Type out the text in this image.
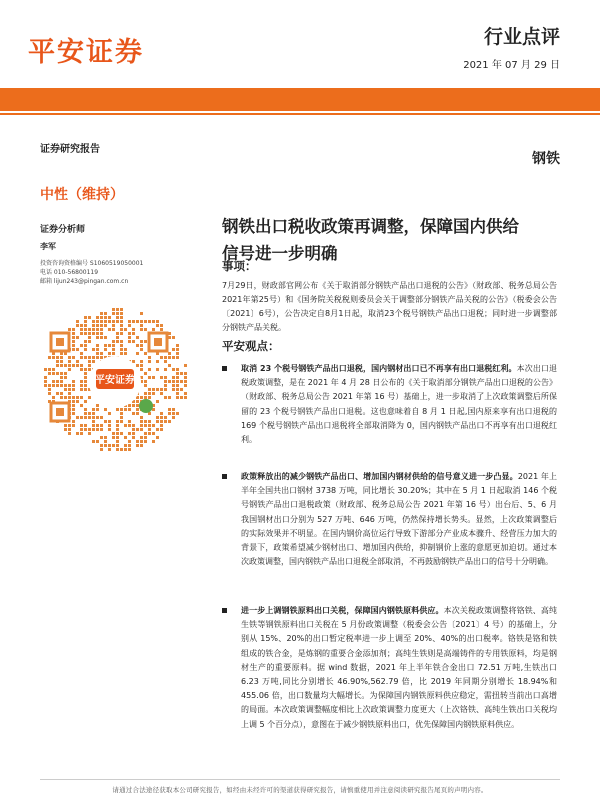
平安证券	行业点评
2021 年 07 月 29 日
证券研究报告
中性（维持）
证券分析师
李军
投资咨询资格编号 S1060519050001
电话 010-56800119
邮箱 lijun243@pingan.com.cn
平安证券
钢铁
钢铁出口税收政策再调整，保障国内供给
信号进一步明确
事项：
7月29日，财政部官网公布《关于取消部分钢铁产品出口退税的公告》（财政部、税务总局公告2021年第25号）和《国务院关税税则委员会关于调整部分钢铁产品关税的公告》（税委会公告〔2021〕6号），公告决定自8月1日起，取消23个税号钢铁产品出口退税；同时进一步调整部分钢铁产品关税。
平安观点：
取消 23 个税号钢铁产品出口退税，国内钢材出口已不再享有出口退税红利。本次出口退税政策调整，是在 2021 年 4 月 28 日公布的《关于取消部分钢铁产品出口退税的公告》（财政部、税务总局公告 2021 年第 16 号）基础上，进一步取消了上次政策调整后所保留的 23 个税号钢铁产品出口退税。这也意味着自 8 月 1 日起,国内原来享有出口退税的 169 个税号钢铁产品出口退税将全部取消降为 0，国内钢铁产品出口不再享有出口退税红利。
政策释放出的减少钢铁产品出口、增加国内钢材供给的信号意义进一步凸显。2021 年上半年全国共出口钢材 3738 万吨，同比增长 30.20%；其中在 5 月 1 日起取消 146 个税号钢铁产品出口退税政策（财政部、税务总局公告 2021 年第 16 号）出台后、5、6 月我国钢材出口分别为 527 万吨、646 万吨，仍然保持增长势头。显然，上次政策调整后的实际效果并不明显。在国内钢价高位运行导致下游部分产业成本骤升、经营压力加大的背景下，政策希望减少钢材出口、增加国内供给，抑制钢价上涨的意愿更加迫切。通过本次政策调整，国内钢铁产品出口退税全部取消，不再鼓励钢铁产品出口的信号十分明确。
进一步上调钢铁原料出口关税，保障国内钢铁原料供应。本次关税政策调整将铬铁、高纯生铁等钢铁原料出口关税在 5 月份政策调整（税委会公告〔2021〕4 号）的基础上，分别从 15%、20%的出口暂定税率进一步上调至 20%、40%的出口税率。铬铁是铬和铁组成的铁合金，是炼钢的重要合金添加剂；高纯生铁则是高端铸件的专用铁原料，均是钢材生产的重要原料。据 wind 数据，2021 年上半年铁合金出口 72.51 万吨,生铁出口 6.23 万吨,同比分别增长 46.90%,562.79 倍，比 2019 年同期分别增长 18.94%和 455.06 倍，出口数量均大幅增长。为保障国内钢铁原料供应稳定，需扭转当前出口高增的局面。本次政策调整幅度相比上次政策调整力度更大（上次铬铁、高纯生铁出口关税均上调 5 个百分点），意图在于减少钢铁原料出口，优先保障国内钢铁原料供应。
请通过合法途径获取本公司研究报告，如经由未经许可的渠道获得研究报告，请慎重使用并注意阅读研究报告尾页的声明内容。
